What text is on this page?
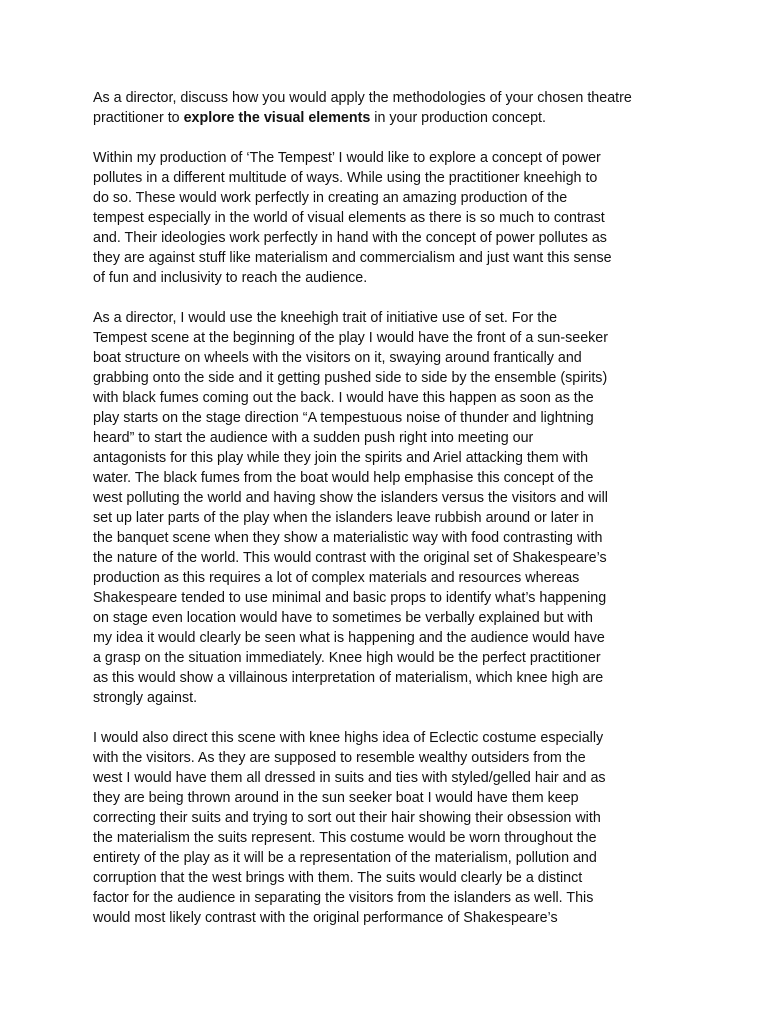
As a director, discuss how you would apply the methodologies of your chosen theatre practitioner to explore the visual elements in your production concept.

Within my production of ‘The Tempest’ I would like to explore a concept of power
pollutes in a different multitude of ways. While using the practitioner kneehigh to
do so. These would work perfectly in creating an amazing production of the
tempest especially in the world of visual elements as there is so much to contrast
and. Their ideologies work perfectly in hand with the concept of power pollutes as
they are against stuff like materialism and commercialism and just want this sense
of fun and inclusivity to reach the audience.

As a director, I would use the kneehigh trait of initiative use of set. For the
Tempest scene at the beginning of the play I would have the front of a sun-seeker
boat structure on wheels with the visitors on it, swaying around frantically and
grabbing onto the side and it getting pushed side to side by the ensemble (spirits)
with black fumes coming out the back. I would have this happen as soon as the
play starts on the stage direction “A tempestuous noise of thunder and lightning
heard” to start the audience with a sudden push right into meeting our
antagonists for this play while they join the spirits and Ariel attacking them with
water. The black fumes from the boat would help emphasise this concept of the
west polluting the world and having show the islanders versus the visitors and will
set up later parts of the play when the islanders leave rubbish around or later in
the banquet scene when they show a materialistic way with food contrasting with
the nature of the world. This would contrast with the original set of Shakespeare’s
production as this requires a lot of complex materials and resources whereas
Shakespeare tended to use minimal and basic props to identify what’s happening
on stage even location would have to sometimes be verbally explained but with
my idea it would clearly be seen what is happening and the audience would have
a grasp on the situation immediately. Knee high would be the perfect practitioner
as this would show a villainous interpretation of materialism, which knee high are
strongly against.

I would also direct this scene with knee highs idea of Eclectic costume especially
with the visitors. As they are supposed to resemble wealthy outsiders from the
west I would have them all dressed in suits and ties with styled/gelled hair and as
they are being thrown around in the sun seeker boat I would have them keep
correcting their suits and trying to sort out their hair showing their obsession with
the materialism the suits represent. This costume would be worn throughout the
entirety of the play as it will be a representation of the materialism, pollution and
corruption that the west brings with them. The suits would clearly be a distinct
factor for the audience in separating the visitors from the islanders as well. This
would most likely contrast with the original performance of Shakespeare’s
